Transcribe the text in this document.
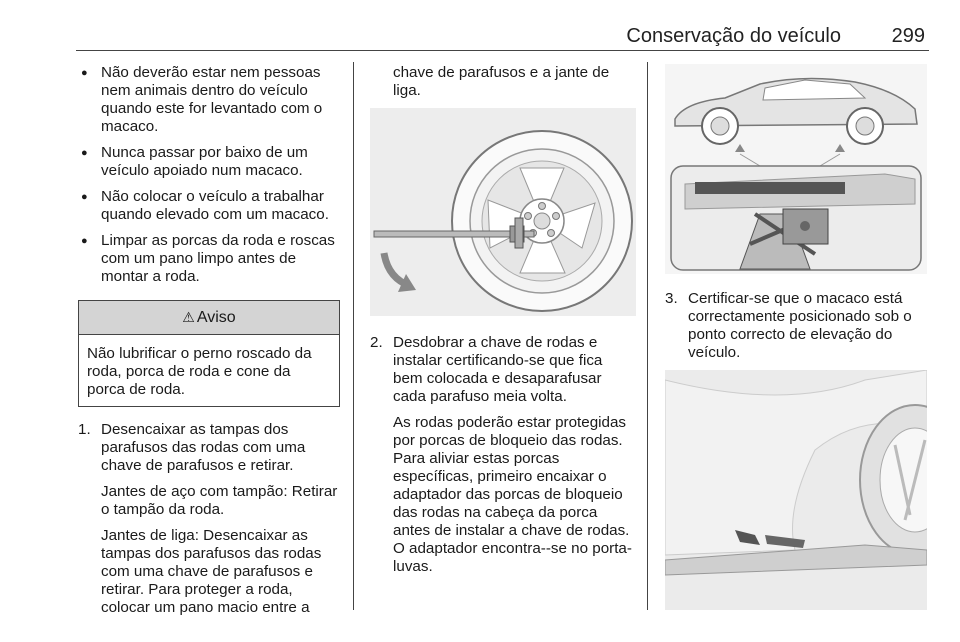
Conservação do veículo	299
● Não deverão estar nem pessoas nem animais dentro do veículo quando este for levantado com o macaco.
● Nunca passar por baixo de um veículo apoiado num macaco.
● Não colocar o veículo a trabalhar quando elevado com um macaco.
● Limpar as porcas da roda e roscas com um pano limpo antes de montar a roda.
⚠ Aviso
Não lubrificar o perno roscado da roda, porca de roda e cone da porca de roda.
1. Desencaixar as tampas dos parafusos das rodas com uma chave de parafusos e retirar.

Jantes de aço com tampão: Retirar o tampão da roda.

Jantes de liga: Desencaixar as tampas dos parafusos das rodas com uma chave de parafusos e retirar. Para proteger a roda, colocar um pano macio entre a

chave de parafusos e a jante de liga.

2. Desdobrar a chave de rodas e instalar certificando-se que fica bem colocada e desaparafusar cada parafuso meia volta.

As rodas poderão estar protegidas por porcas de bloqueio das rodas. Para aliviar estas porcas específicas, primeiro encaixar o adaptador das porcas de bloqueio das rodas na cabeça da porca antes de instalar a chave de rodas. O adaptador encontra--se no porta-luvas.

3. Certificar-se que o macaco está correctamente posicionado sob o ponto correcto de elevação do veículo.
